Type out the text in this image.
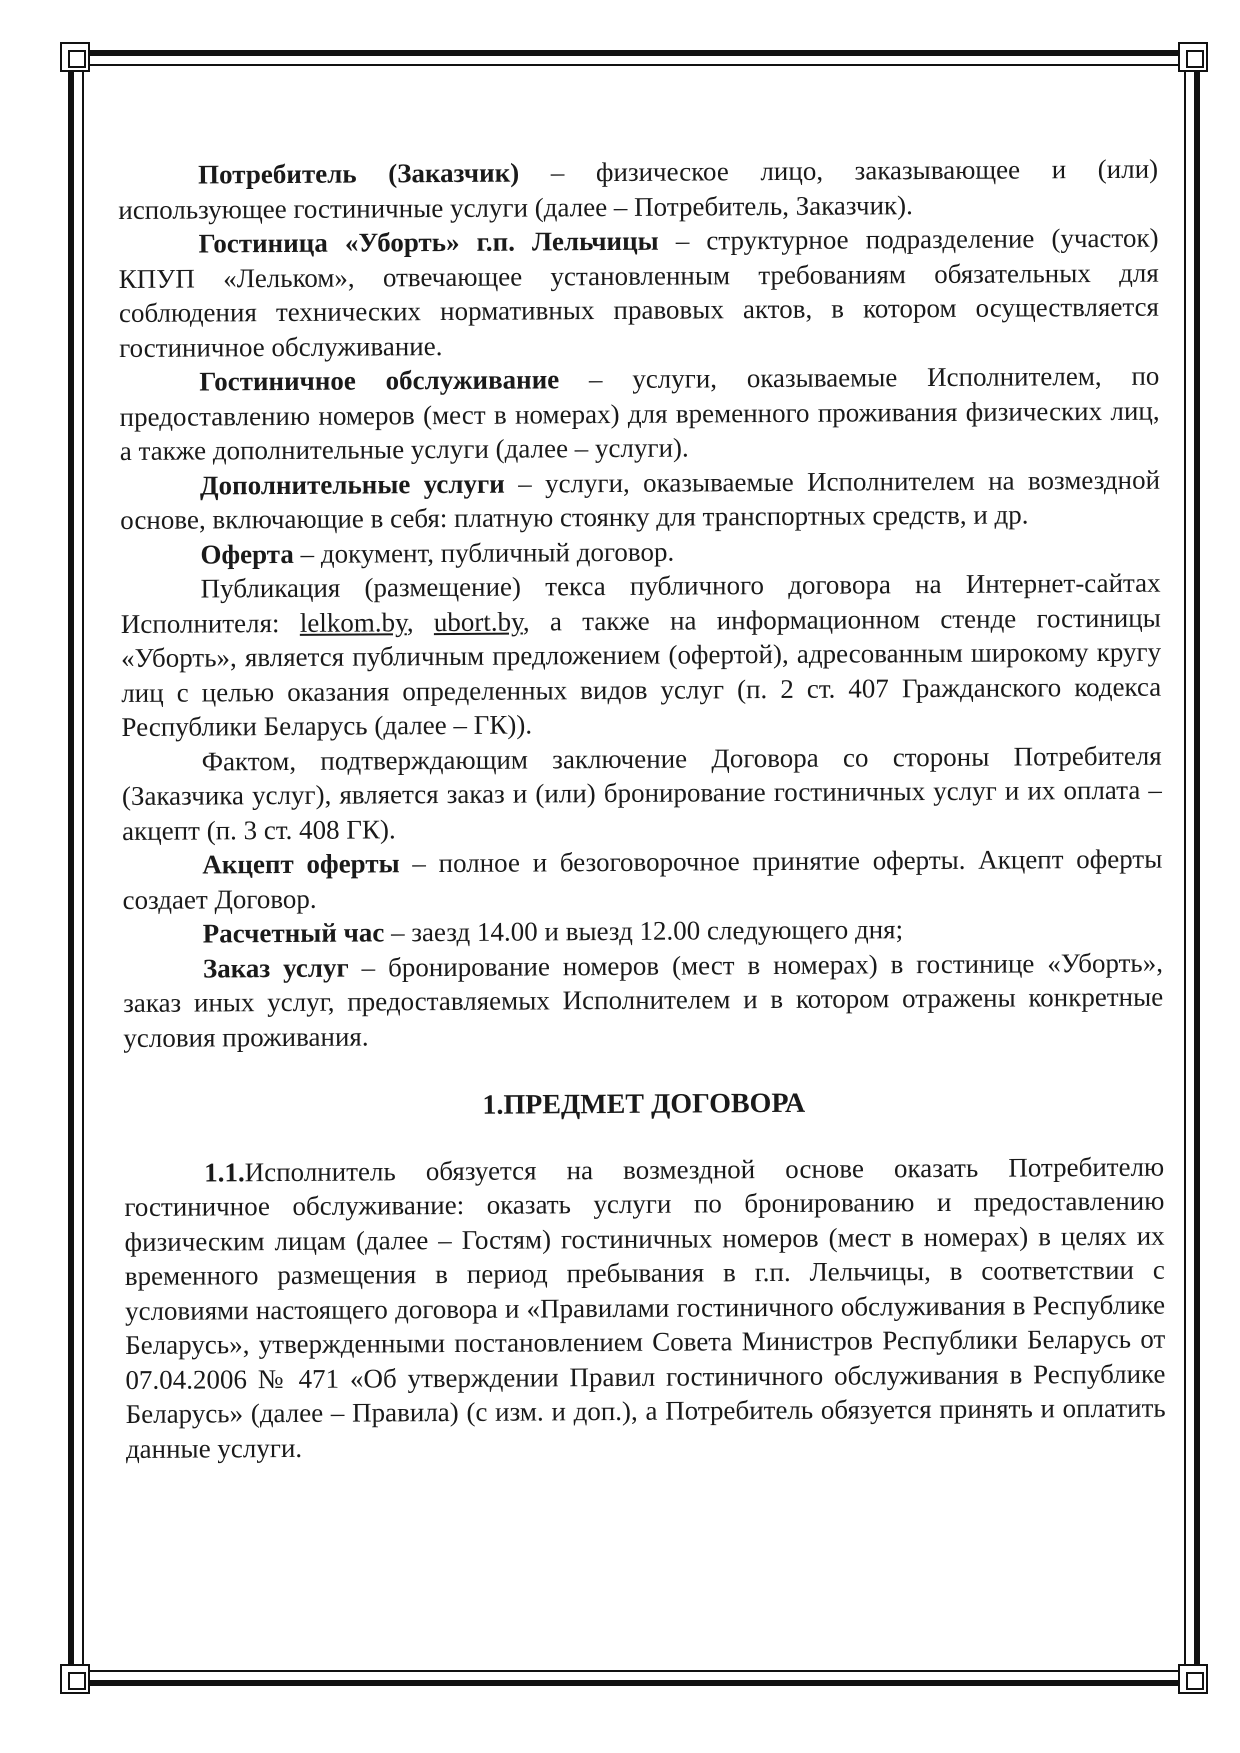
Потребитель (Заказчик) – физическое лицо, заказывающее и (или) использующее гостиничные услуги (далее – Потребитель, Заказчик).

Гостиница «Уборть» г.п. Лельчицы – структурное подразделение (участок) КПУП «Лельком», отвечающее установленным требованиям обязательных для соблюдения технических нормативных правовых актов, в котором осуществляется гостиничное обслуживание.

Гостиничное обслуживание – услуги, оказываемые Исполнителем, по предоставлению номеров (мест в номерах) для временного проживания физических лиц, а также дополнительные услуги (далее – услуги).

Дополнительные услуги – услуги, оказываемые Исполнителем на возмездной основе, включающие в себя: платную стоянку для транспортных средств, и др.

Оферта – документ, публичный договор.

Публикация (размещение) текса публичного договора на Интернет-сайтах Исполнителя: lelkom.by, ubort.by, а также на информационном стенде гостиницы «Уборть», является публичным предложением (офертой), адресованным широкому кругу лиц с целью оказания определенных видов услуг (п. 2 ст. 407 Гражданского кодекса Республики Беларусь (далее – ГК)).

Фактом, подтверждающим заключение Договора со стороны Потребителя (Заказчика услуг), является заказ и (или) бронирование гостиничных услуг и их оплата – акцепт (п. 3 ст. 408 ГК).

Акцепт оферты – полное и безоговорочное принятие оферты. Акцепт оферты создает Договор.

Расчетный час – заезд 14.00 и выезд 12.00 следующего дня;

Заказ услуг – бронирование номеров (мест в номерах) в гостинице «Уборть», заказ иных услуг, предоставляемых Исполнителем и в котором отражены конкретные условия проживания.

1.ПРЕДМЕТ ДОГОВОРА

1.1.Исполнитель обязуется на возмездной основе оказать Потребителю гостиничное обслуживание: оказать услуги по бронированию и предоставлению физическим лицам (далее – Гостям) гостиничных номеров (мест в номерах) в целях их временного размещения в период пребывания в г.п. Лельчицы, в соответствии с условиями настоящего договора и «Правилами гостиничного обслуживания в Республике Беларусь», утвержденными постановлением Совета Министров Республики Беларусь от 07.04.2006 № 471 «Об утверждении Правил гостиничного обслуживания в Республике Беларусь» (далее – Правила) (с изм. и доп.), а Потребитель обязуется принять и оплатить данные услуги.
